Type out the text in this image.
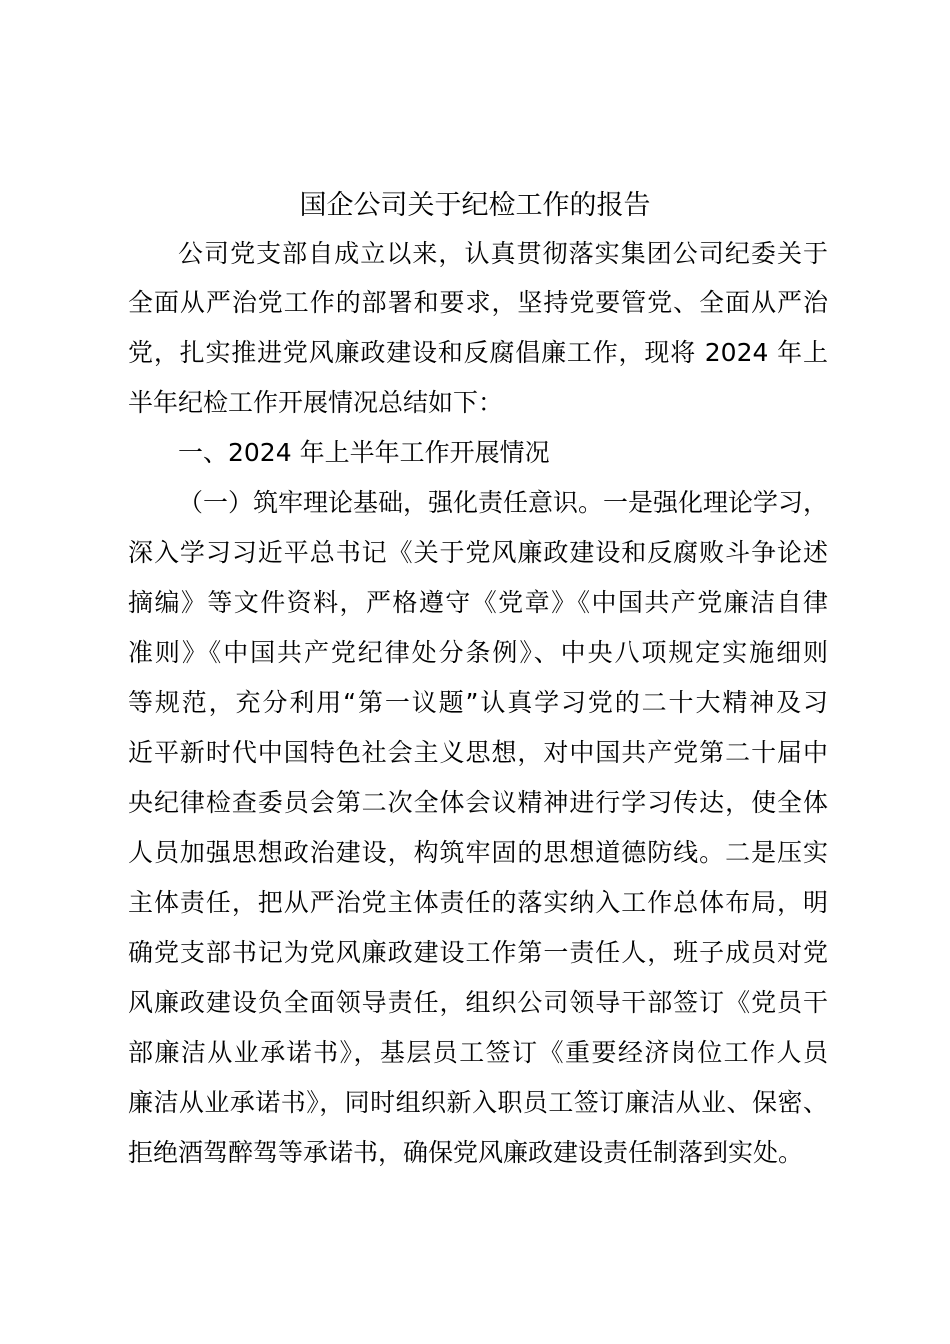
国企公司关于纪检工作的报告
公司党支部自成立以来，认真贯彻落实集团公司纪委关于
全面从严治党工作的部署和要求，坚持党要管党、全面从严治
党，扎实推进党风廉政建设和反腐倡廉工作，现将 2024 年上
半年纪检工作开展情况总结如下：
一、2024 年上半年工作开展情况
（一）筑牢理论基础，强化责任意识。一是强化理论学习，
深入学习习近平总书记《关于党风廉政建设和反腐败斗争论述
摘编》等文件资料，严格遵守《党章》《中国共产党廉洁自律
准则》《中国共产党纪律处分条例》、中央八项规定实施细则
等规范，充分利用“第一议题”认真学习党的二十大精神及习
近平新时代中国特色社会主义思想，对中国共产党第二十届中
央纪律检查委员会第二次全体会议精神进行学习传达，使全体
人员加强思想政治建设，构筑牢固的思想道德防线。二是压实
主体责任，把从严治党主体责任的落实纳入工作总体布局，明
确党支部书记为党风廉政建设工作第一责任人，班子成员对党
风廉政建设负全面领导责任，组织公司领导干部签订《党员干
部廉洁从业承诺书》，基层员工签订《重要经济岗位工作人员
廉洁从业承诺书》，同时组织新入职员工签订廉洁从业、保密、
拒绝酒驾醉驾等承诺书，确保党风廉政建设责任制落到实处。
